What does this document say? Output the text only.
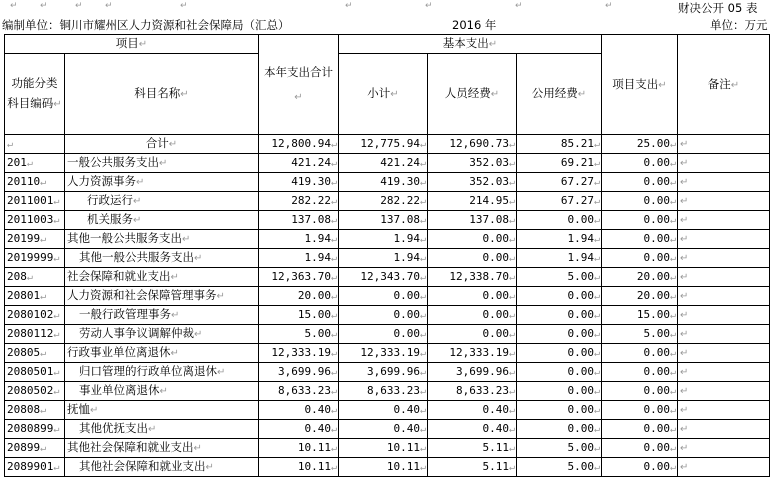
↵ ↵	↵ ↵	↵	↵	↵	↵	↵	财决公开 05 表
编制单位：铜川市耀州区人力资源和社会保障局（汇总）	2016 年	单位：万元
项目↵		本年支出合计↵	基本支出↵			项目支出↵	备注↵
功能分类科目编码↵	科目名称↵		小计↵	人员经费↵	公用经费↵		
↵	合计↵	12,800.94↵	12,775.94↵	12,690.73↵	85.21↵	25.00↵	↵
201↵	一般公共服务支出↵	421.24↵	421.24↵	352.03↵	69.21↵	0.00↵	↵
20110↵	人力资源事务↵	419.30↵	419.30↵	352.03↵	67.27↵	0.00↵	↵
2011001↵	行政运行↵	282.22↵	282.22↵	214.95↵	67.27↵	0.00↵	↵
2011003↵	机关服务↵	137.08↵	137.08↵	137.08↵	0.00↵	0.00↵	↵
20199↵	其他一般公共服务支出↵	1.94↵	1.94↵	0.00↵	1.94↵	0.00↵	↵
2019999↵	其他一般公共服务支出↵	1.94↵	1.94↵	0.00↵	1.94↵	0.00↵	↵
208↵	社会保障和就业支出↵	12,363.70↵	12,343.70↵	12,338.70↵	5.00↵	20.00↵	↵
20801↵	人力资源和社会保障管理事务↵	20.00↵	0.00↵	0.00↵	0.00↵	20.00↵	↵
2080102↵	一般行政管理事务↵	15.00↵	0.00↵	0.00↵	0.00↵	15.00↵	↵
2080112↵	劳动人事争议调解仲裁↵	5.00↵	0.00↵	0.00↵	0.00↵	5.00↵	↵
20805↵	行政事业单位离退休↵	12,333.19↵	12,333.19↵	12,333.19↵	0.00↵	0.00↵	↵
2080501↵	归口管理的行政单位离退休↵	3,699.96↵	3,699.96↵	3,699.96↵	0.00↵	0.00↵	↵
2080502↵	事业单位离退休↵	8,633.23↵	8,633.23↵	8,633.23↵	0.00↵	0.00↵	↵
20808↵	抚恤↵	0.40↵	0.40↵	0.40↵	0.00↵	0.00↵	↵
2080899↵	其他优抚支出↵	0.40↵	0.40↵	0.40↵	0.00↵	0.00↵	↵
20899↵	其他社会保障和就业支出↵	10.11↵	10.11↵	5.11↵	5.00↵	0.00↵	↵
2089901↵	其他社会保障和就业支出↵	10.11↵	10.11↵	5.11↵	5.00↵	0.00↵	↵
